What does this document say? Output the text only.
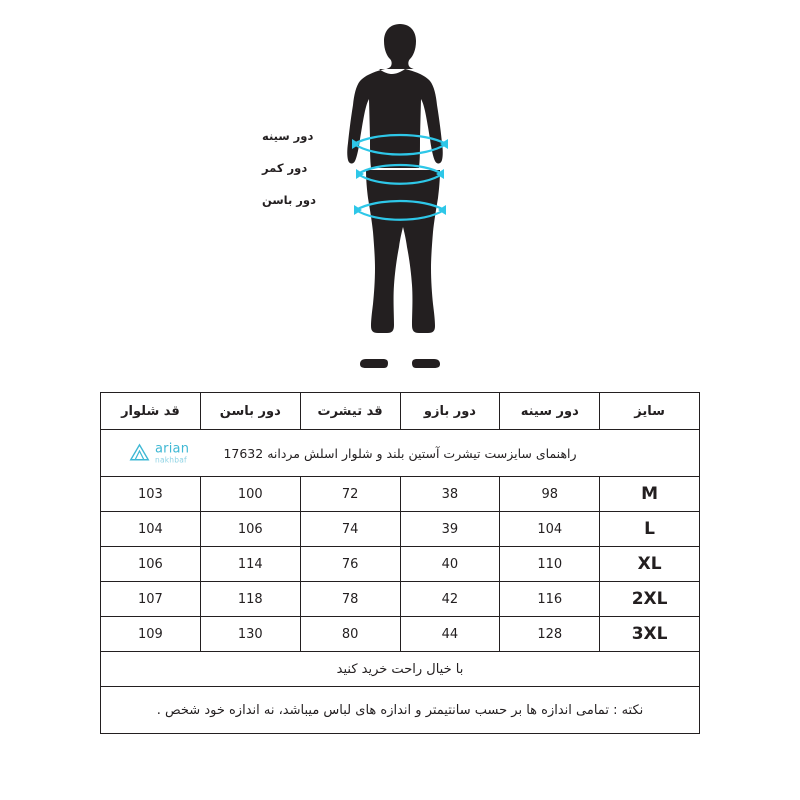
دور سینه
دور کمر
دور باسن
راهنمای سایزست تیشرت آستین بلند و شلوار اسلش مردانه 17632
arian
nakhbaf					

سایز	دور سینه	دور بازو	قد تیشرت	دور باسن	قد شلوار
M	98	38	72	100	103
L	104	39	74	106	104
XL	110	40	76	114	106
2XL	116	42	78	118	107
3XL	128	44	80	130	109
با خیال راحت خرید کنید					

نکته : تمامی اندازه ها بر حسب سانتیمتر و اندازه های لباس میباشد، نه اندازه خود شخص .					
